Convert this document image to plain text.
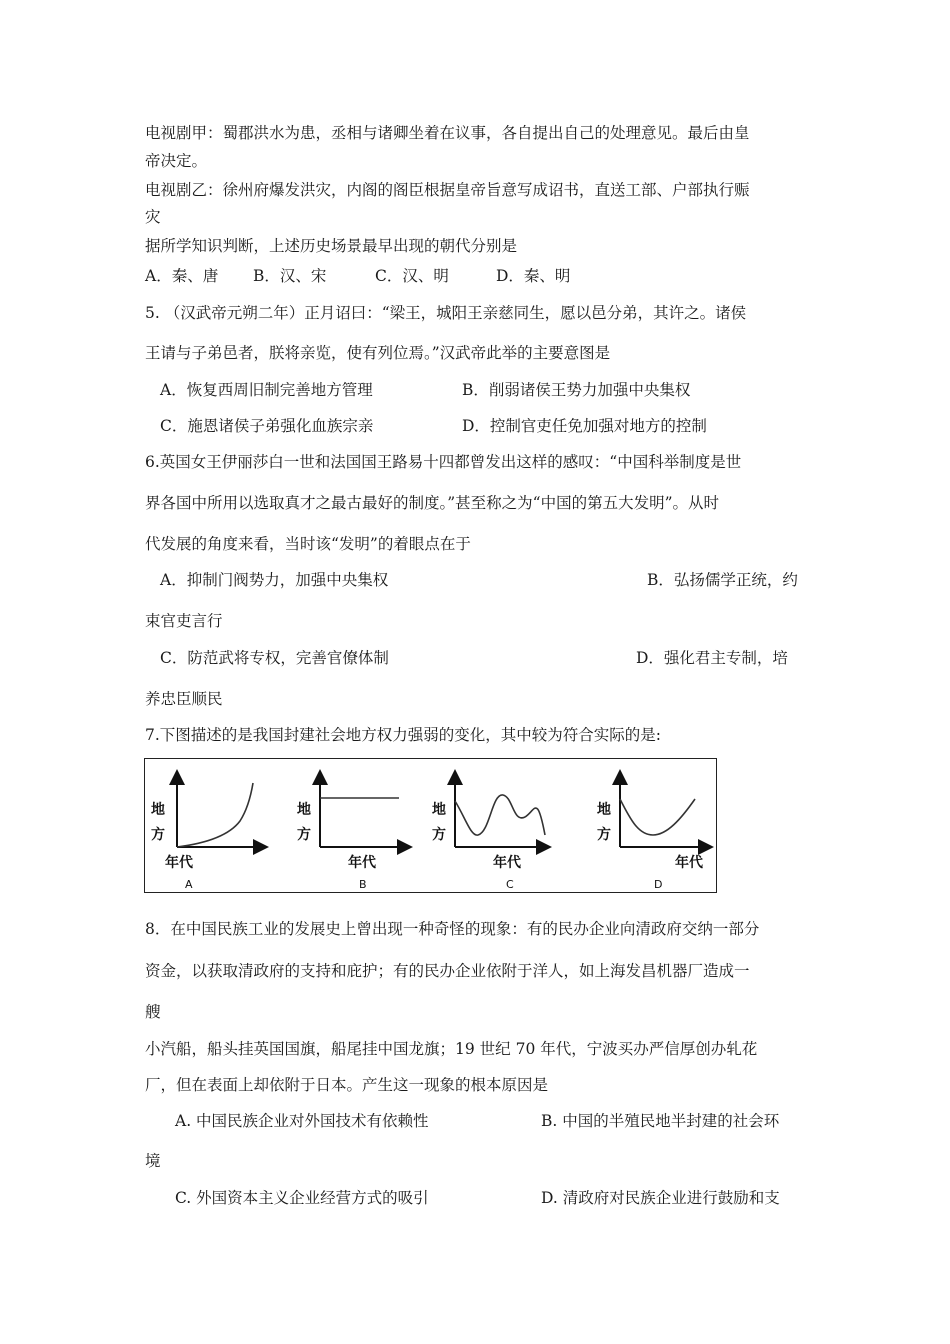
电视剧甲：蜀郡洪水为患，丞相与诸卿坐着在议事，各自提出自己的处理意见。最后由皇
帝决定。
电视剧乙：徐州府爆发洪灾，内阁的阁臣根据皇帝旨意写成诏书，直送工部、户部执行赈
灾
据所学知识判断，上述历史场景最早出现的朝代分别是
A．秦、唐 B．汉、宋	C．汉、明	D．秦、明
5. （汉武帝元朔二年）正月诏曰：“梁王，城阳王亲慈同生，愿以邑分弟，其许之。诸侯
王请与子弟邑者，朕将亲览，使有列位焉。”汉武帝此举的主要意图是
A．恢复西周旧制完善地方管理	B．削弱诸侯王势力加强中央集权
C．施恩诸侯子弟强化血族宗亲	D．控制官吏任免加强对地方的控制
6.英国女王伊丽莎白一世和法国国王路易十四都曾发出这样的感叹：“中国科举制度是世
界各国中所用以选取真才之最古最好的制度。”甚至称之为“中国的第五大发明”。从时
代发展的角度来看，当时该“发明”的着眼点在于
A．抑制门阀势力，加强中央集权	B．弘扬儒学正统，约
束官吏言行
C．防范武将专权，完善官僚体制	D．强化君主专制，培
养忠臣顺民
7.下图描述的是我国封建社会地方权力强弱的变化，其中较为符合实际的是:
地
方
年代
A
地
方
年代
B
地
方
年代
C
地
方
年代
D
8．在中国民族工业的发展史上曾出现一种奇怪的现象：有的民办企业向清政府交纳一部分
资金，以获取清政府的支持和庇护；有的民办企业依附于洋人，如上海发昌机器厂造成一
艘
小汽船，船头挂英国国旗，船尾挂中国龙旗；19 世纪 70 年代，宁波买办严信厚创办轧花
厂，但在表面上却依附于日本。产生这一现象的根本原因是
A. 中国民族企业对外国技术有依赖性	B. 中国的半殖民地半封建的社会环
境
C. 外国资本主义企业经营方式的吸引	D. 清政府对民族企业进行鼓励和支
